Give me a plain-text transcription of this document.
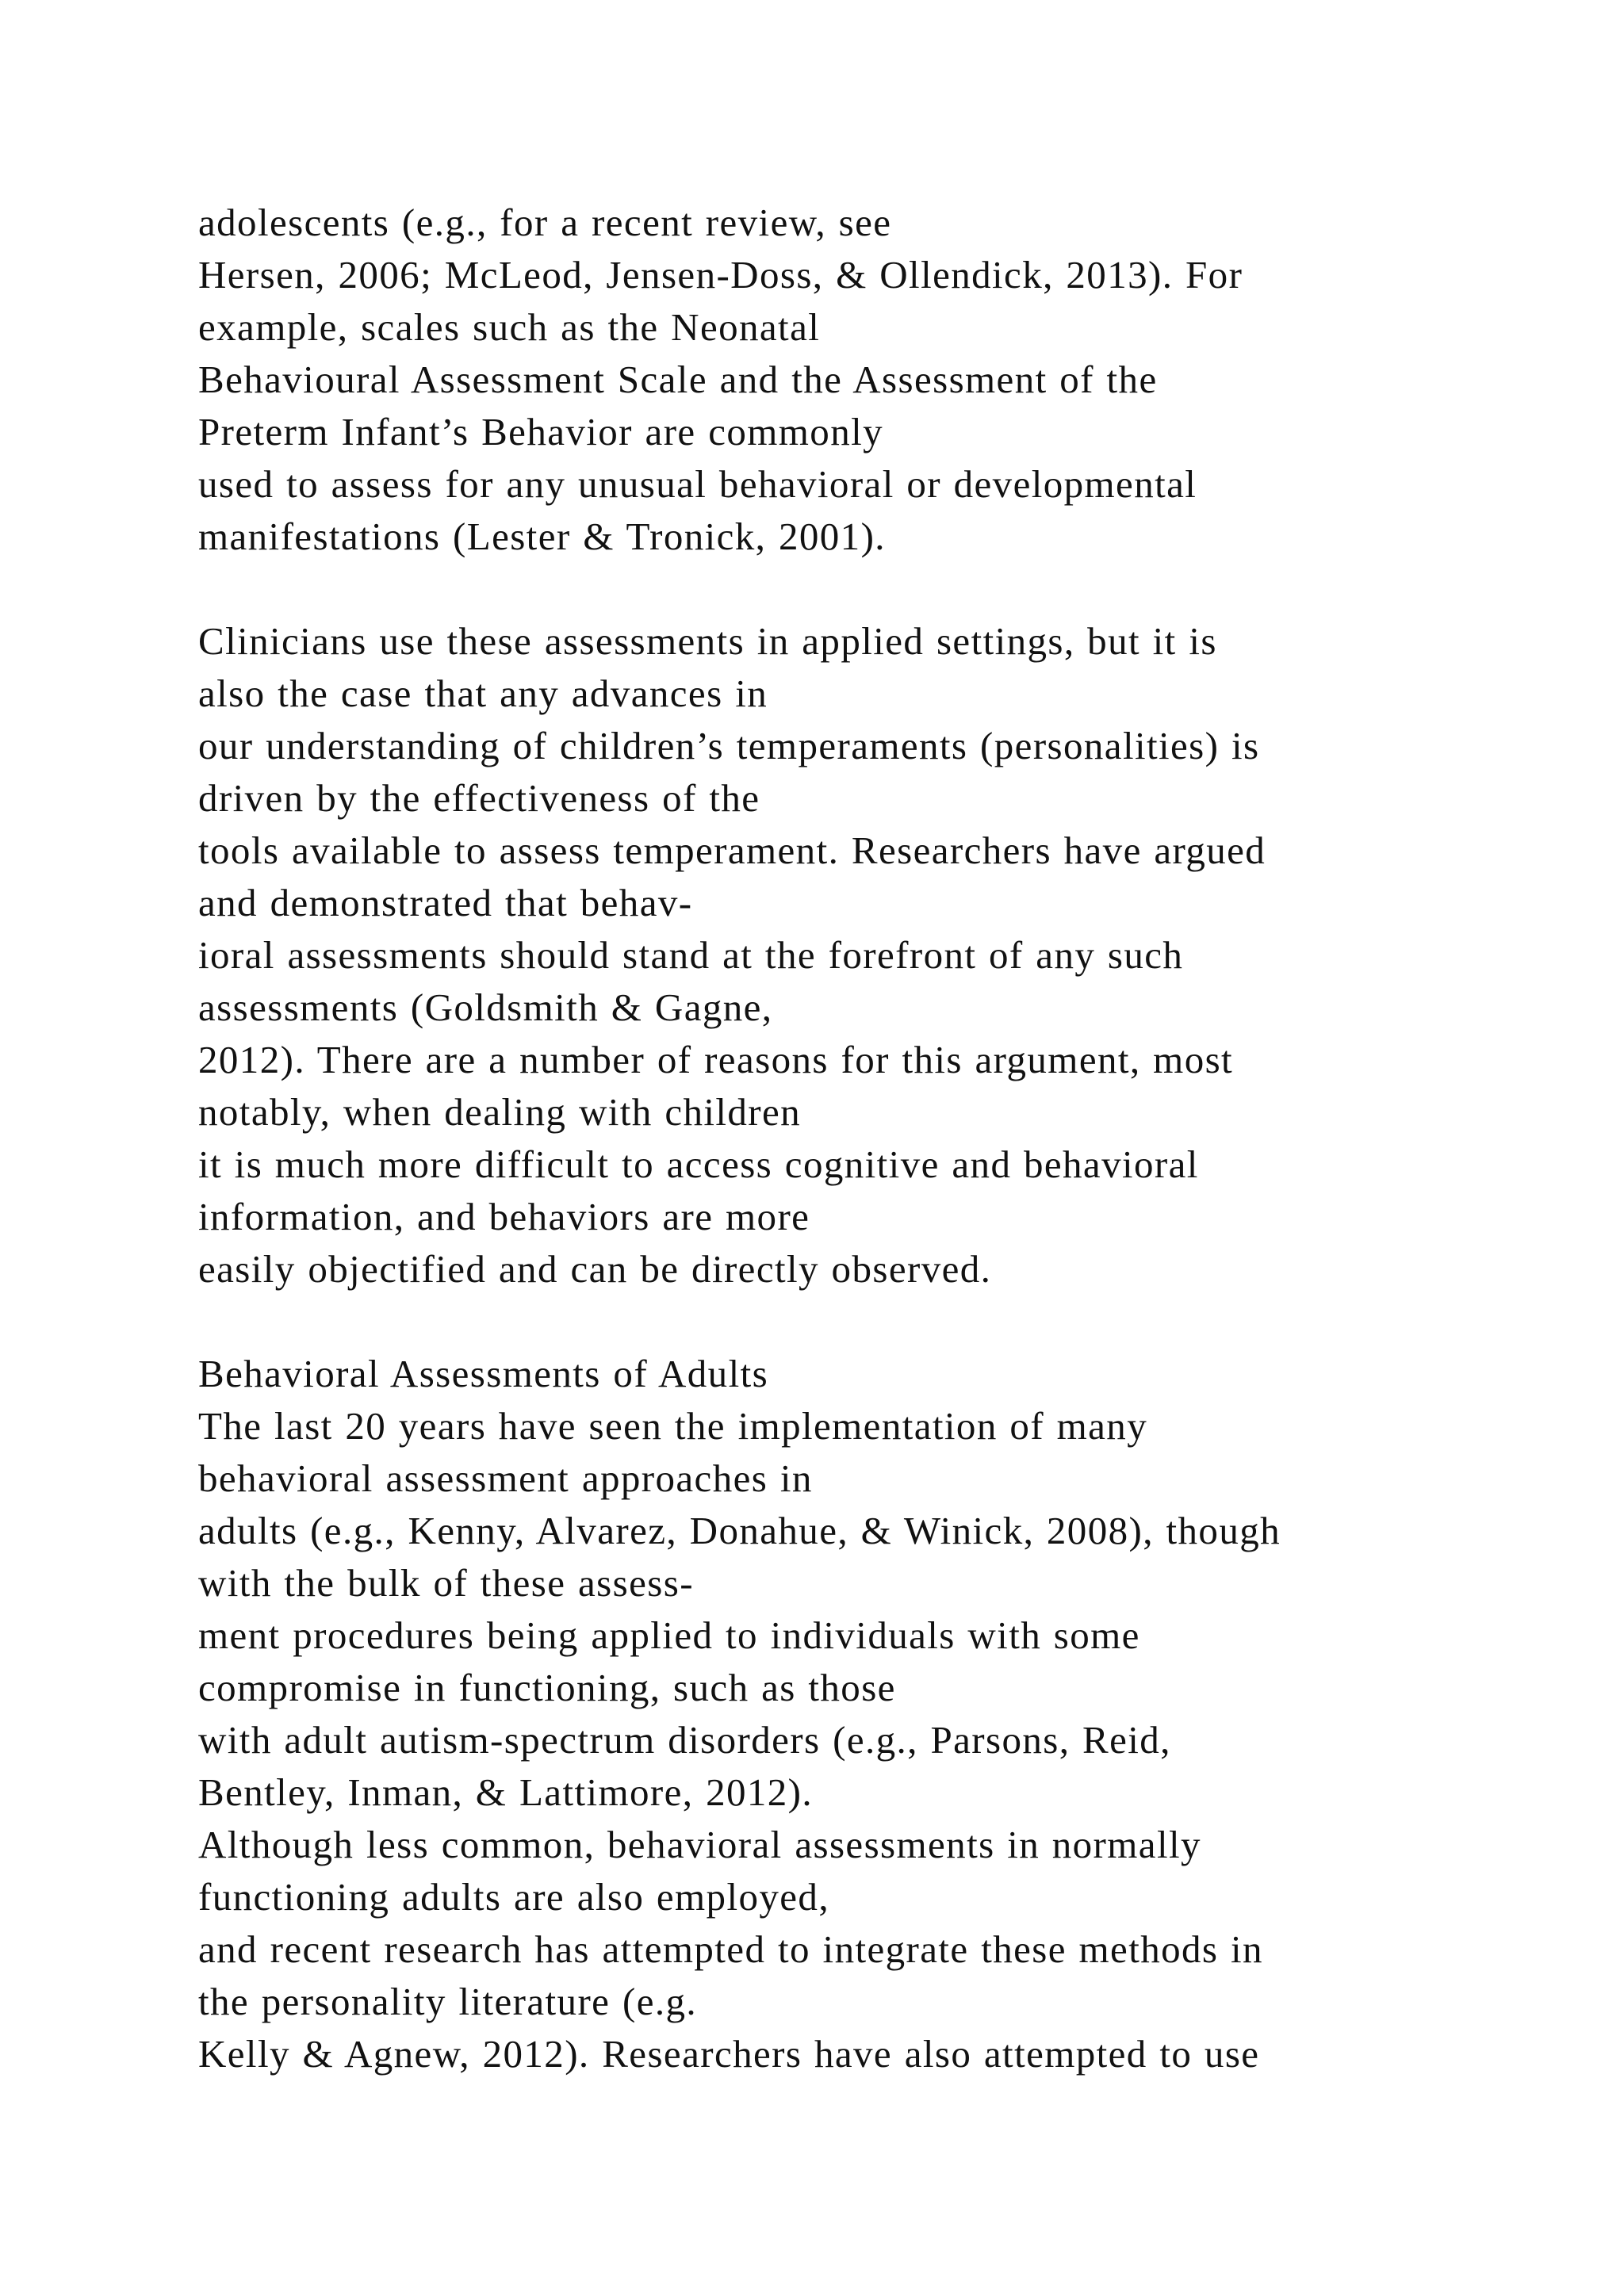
adolescents (e.g., for a recent review, see
Hersen, 2006; McLeod, Jensen-Doss, & Ollendick, 2013). For
example, scales such as the Neonatal
Behavioural Assessment Scale and the Assessment of the
Preterm Infant’s Behavior are commonly
used to assess for any unusual behavioral or developmental
manifestations (Lester & Tronick, 2001).
Clinicians use these assessments in applied settings, but it is
also the case that any advances in
our understanding of children’s temperaments (personalities) is
driven by the effectiveness of the
tools available to assess temperament. Researchers have argued
and demonstrated that behav-
ioral assessments should stand at the forefront of any such
assessments (Goldsmith & Gagne,
2012). There are a number of reasons for this argument, most
notably, when dealing with children
it is much more difficult to access cognitive and behavioral
information, and behaviors are more
easily objectified and can be directly observed.
Behavioral Assessments of Adults
The last 20 years have seen the implementation of many
behavioral assessment approaches in
adults (e.g., Kenny, Alvarez, Donahue, & Winick, 2008), though
with the bulk of these assess-
ment procedures being applied to individuals with some
compromise in functioning, such as those
with adult autism-spectrum disorders (e.g., Parsons, Reid,
Bentley, Inman, & Lattimore, 2012).
Although less common, behavioral assessments in normally
functioning adults are also employed,
and recent research has attempted to integrate these methods in
the personality literature (e.g.
Kelly & Agnew, 2012). Researchers have also attempted to use
